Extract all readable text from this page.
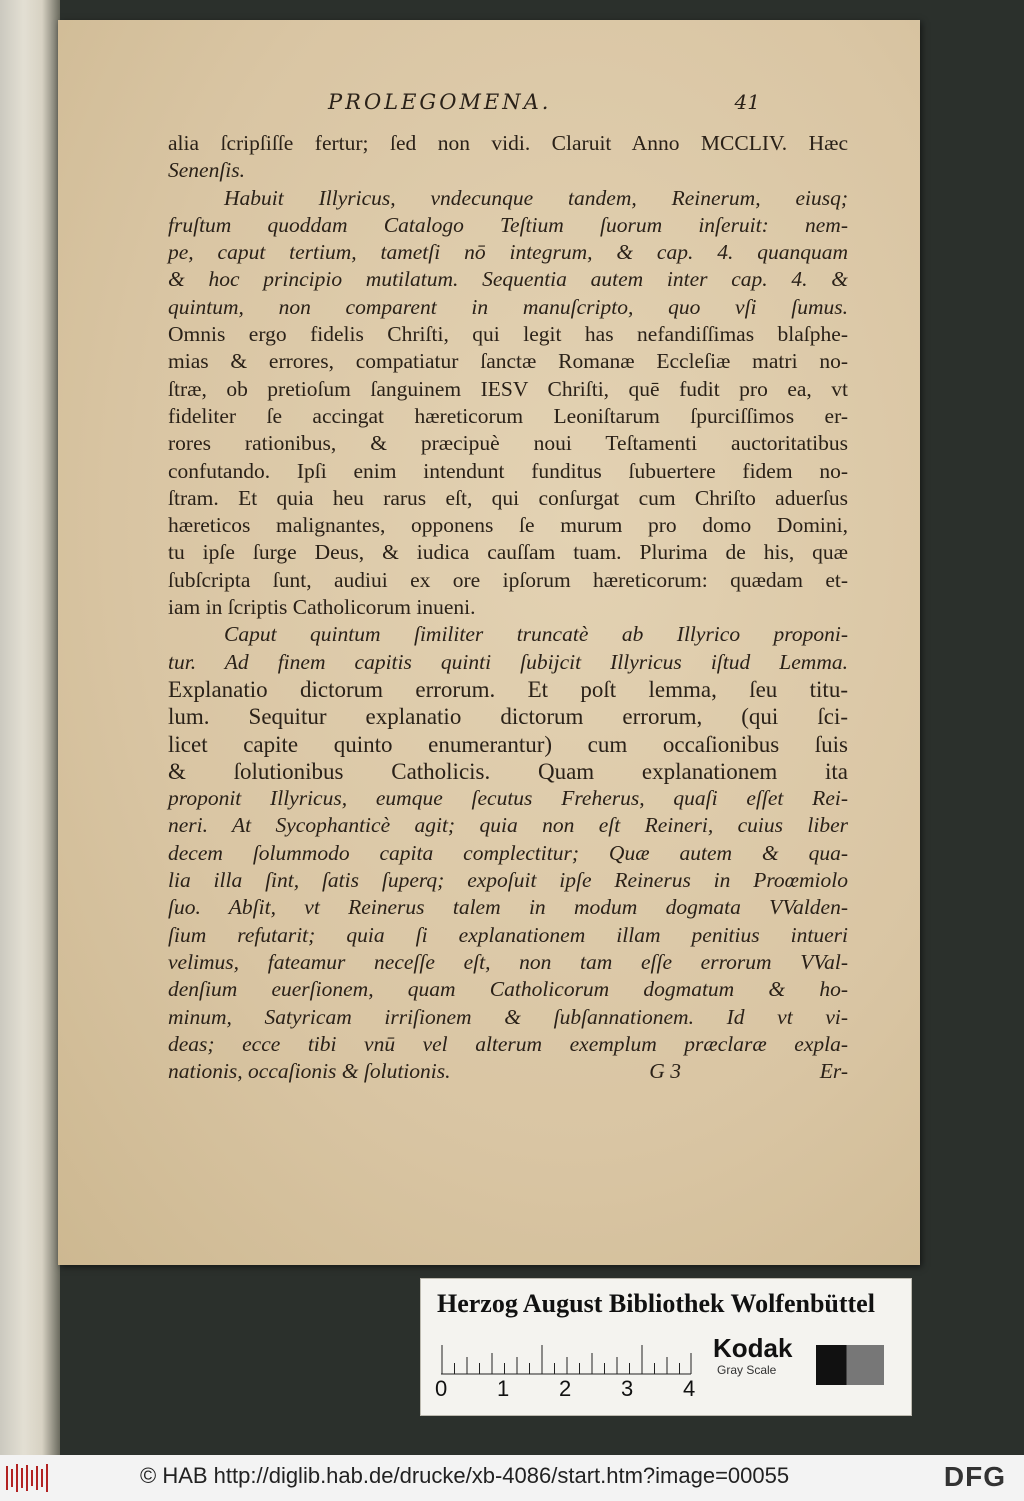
PROLEGOMENA.	41
alia ſcripſiſſe fertur; ſed non vidi. Claruit Anno MCCLIV. Hæc
Senenſis.
Habuit Illyricus, vndecunque tandem, Reinerum, eiusq;
fruſtum quoddam Catalogo Teſtium ſuorum inſeruit: nem-
pe, caput tertium, tametſi nō integrum, & cap. 4. quanquam
& hoc principio mutilatum. Sequentia autem inter cap. 4. &
quintum, non comparent in manuſcripto, quo vſi ſumus.
Omnis ergo fidelis Chriſti, qui legit has nefandiſſimas blaſphe-
mias & errores, compatiatur ſanctæ Romanæ Eccleſiæ matri no-
ſtræ, ob pretioſum ſanguinem IESV Chriſti, quē fudit pro ea, vt
fideliter ſe accingat hæreticorum Leoniſtarum ſpurciſſimos er-
rores rationibus, & præcipuè noui Teſtamenti auctoritatibus
confutando. Ipſi enim intendunt funditus ſubuertere fidem no-
ſtram. Et quia heu rarus eſt, qui conſurgat cum Chriſto aduerſus
hæreticos malignantes, opponens ſe murum pro domo Domini,
tu ipſe ſurge Deus, & iudica cauſſam tuam. Plurima de his, quæ
ſubſcripta ſunt, audiui ex ore ipſorum hæreticorum: quædam et-
iam in ſcriptis Catholicorum inueni.
Caput quintum ſimiliter truncatè ab Illyrico proponi-
tur. Ad finem capitis quinti ſubijcit Illyricus iſtud Lemma.
Explanatio dictorum errorum. Et poſt lemma, ſeu titu-
lum. Sequitur explanatio dictorum errorum, (qui ſci-
licet capite quinto enumerantur) cum occaſionibus ſuis
& ſolutionibus Catholicis. Quam explanationem ita
proponit Illyricus, eumque ſecutus Freherus, quaſi eſſet Rei-
neri. At Sycophanticè agit; quia non eſt Reineri, cuius liber
decem ſolummodo capita complectitur; Quæ autem & qua-
lia illa ſint, ſatis ſuperq; expoſuit ipſe Reinerus in Proœmiolo
ſuo. Abſit, vt Reinerus talem in modum dogmata VValden-
ſium refutarit; quia ſi explanationem illam penitius intueri
velimus, fateamur neceſſe eſt, non tam eſſe errorum VVal-
denſium euerſionem, quam Catholicorum dogmatum & ho-
minum, Satyricam irriſionem & ſubſannationem. Id vt vi-
deas; ecce tibi vnū vel alterum exemplum præclaræ expla-
nationis, occaſionis & ſolutionis.	G 3	Er-
Herzog August Bibliothek Wolfenbüttel
0 1 2 3 4
Kodak
Gray Scale
© HAB http://diglib.hab.de/drucke/xb-4086/start.htm?image=00055	DFG
